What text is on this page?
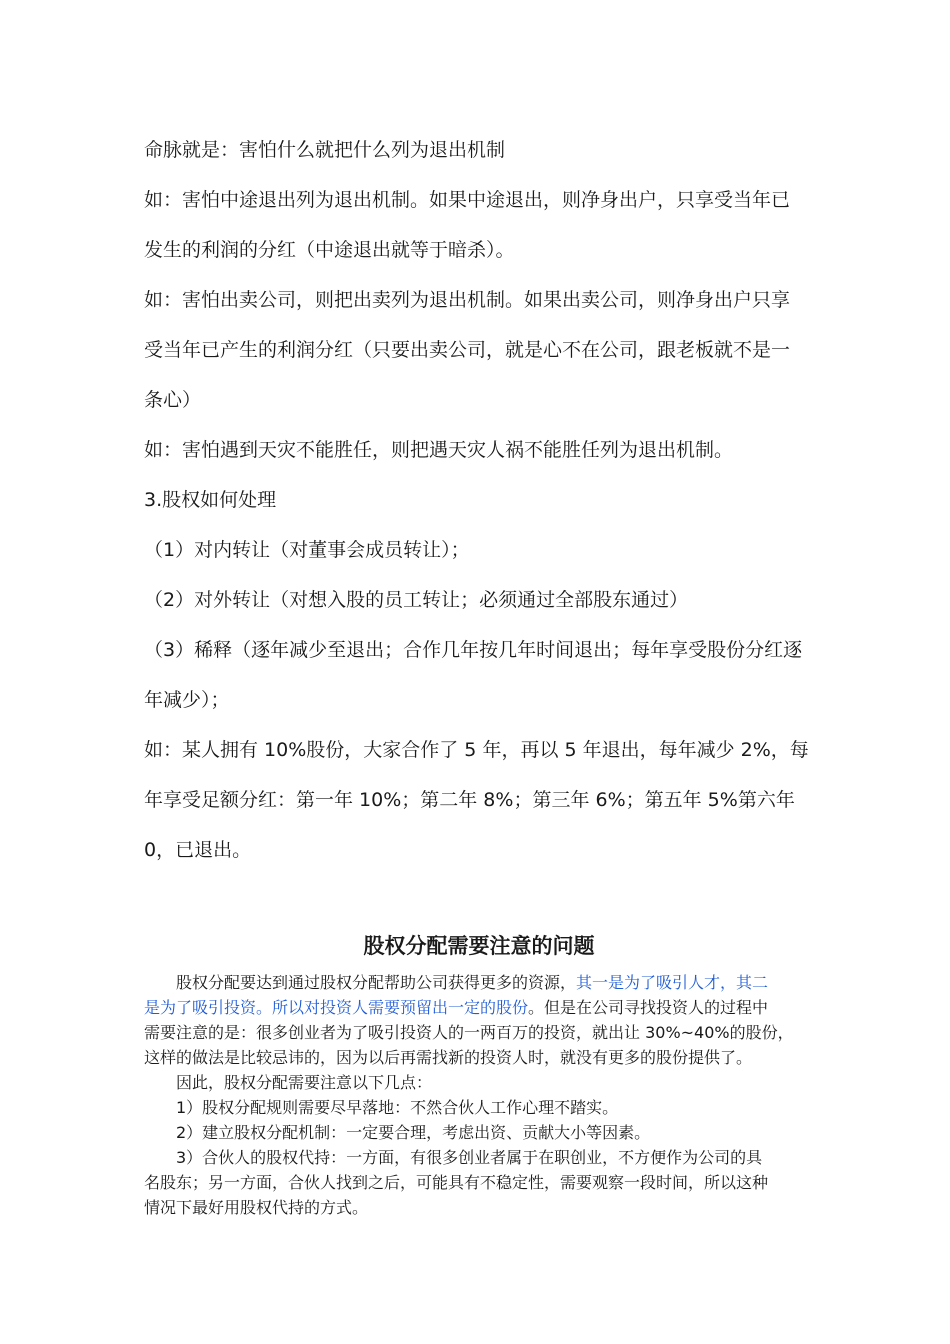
命脉就是：害怕什么就把什么列为退出机制
如：害怕中途退出列为退出机制。如果中途退出，则净身出户，只享受当年已
发生的利润的分红（中途退出就等于暗杀）。
如：害怕出卖公司，则把出卖列为退出机制。如果出卖公司，则净身出户只享
受当年已产生的利润分红（只要出卖公司，就是心不在公司，跟老板就不是一
条心）
如：害怕遇到天灾不能胜任，则把遇天灾人祸不能胜任列为退出机制。
3.股权如何处理
（1）对内转让（对董事会成员转让）；
（2）对外转让（对想入股的员工转让；必须通过全部股东通过）
（3）稀释（逐年减少至退出；合作几年按几年时间退出；每年享受股份分红逐
年减少）；
如：某人拥有 10%股份，大家合作了 5 年，再以 5 年退出，每年减少 2%，每
年享受足额分红：第一年 10%；第二年 8%；第三年 6%；第五年 5%第六年
0，已退出。
股权分配需要注意的问题
股权分配要达到通过股权分配帮助公司获得更多的资源，其一是为了吸引人才，其二
是为了吸引投资。所以对投资人需要预留出一定的股份。但是在公司寻找投资人的过程中
需要注意的是：很多创业者为了吸引投资人的一两百万的投资，就出让 30%~40%的股份，
这样的做法是比较忌讳的，因为以后再需找新的投资人时，就没有更多的股份提供了。
因此，股权分配需要注意以下几点：
1）股权分配规则需要尽早落地：不然合伙人工作心理不踏实。
2）建立股权分配机制：一定要合理，考虑出资、贡献大小等因素。
3）合伙人的股权代持：一方面，有很多创业者属于在职创业，不方便作为公司的具
名股东；另一方面，合伙人找到之后，可能具有不稳定性，需要观察一段时间，所以这种
情况下最好用股权代持的方式。
